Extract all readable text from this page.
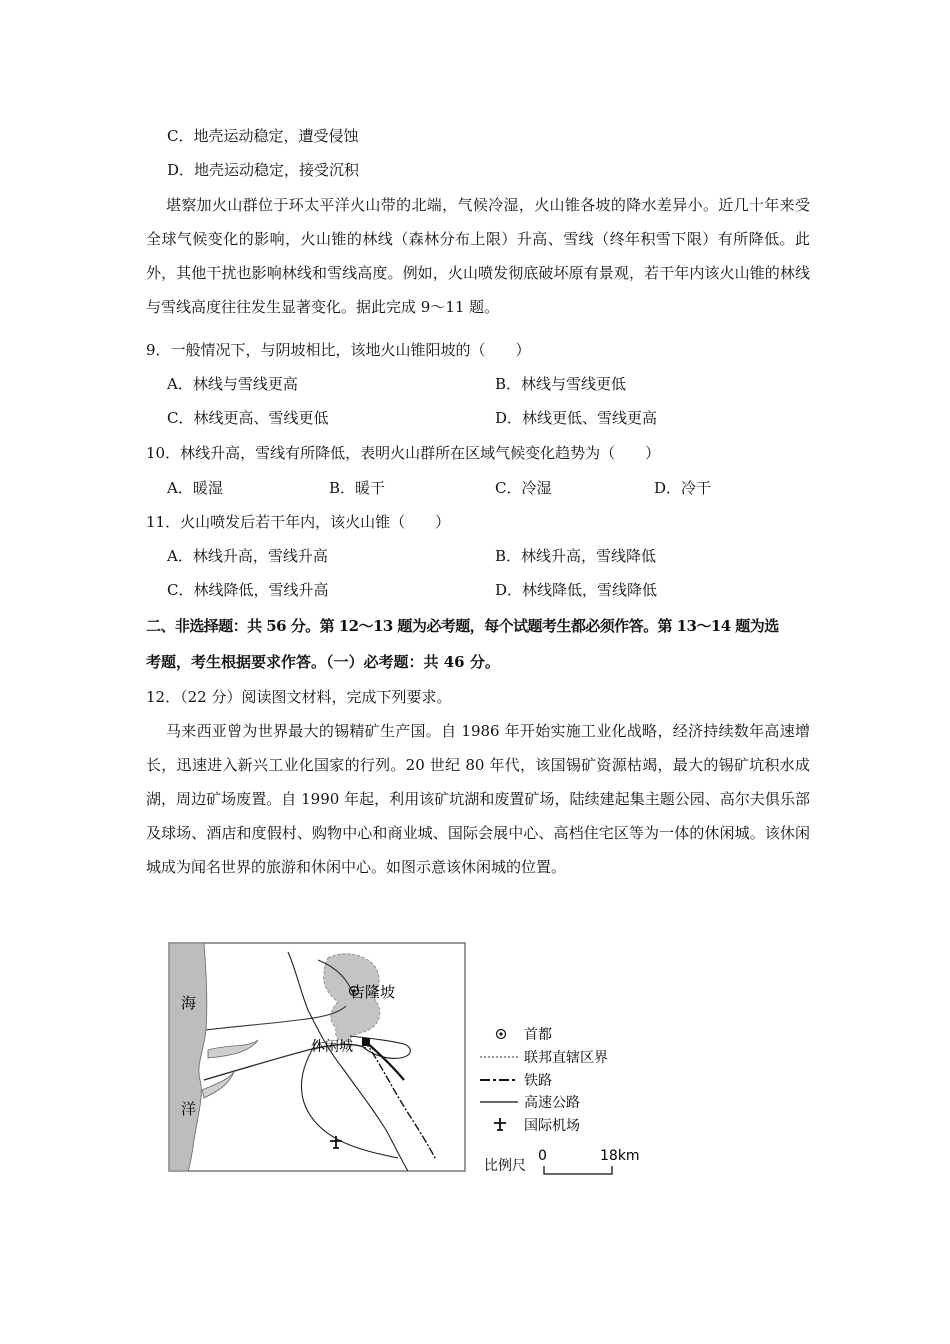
C．地壳运动稳定，遭受侵蚀
D．地壳运动稳定，接受沉积
堪察加火山群位于环太平洋火山带的北端，气候冷湿，火山锥各坡的降水差异小。近几十年来受全球气候变化的影响，火山锥的林线（森林分布上限）升高、雪线（终年积雪下限）有所降低。此外，其他干扰也影响林线和雪线高度。例如，火山喷发彻底破坏原有景观，若干年内该火山锥的林线与雪线高度往往发生显著变化。据此完成 9～11 题。
9．一般情况下，与阴坡相比，该地火山锥阳坡的（　　）
A．林线与雪线更高	B．林线与雪线更低
C．林线更高、雪线更低	D．林线更低、雪线更高
10．林线升高，雪线有所降低，表明火山群所在区域气候变化趋势为（　　）
A．暖湿	B．暖干	C．冷湿	D．冷干
11．火山喷发后若干年内，该火山锥（　　）
A．林线升高，雪线升高	B．林线升高，雪线降低
C．林线降低，雪线升高	D．林线降低，雪线降低
二、非选择题：共 56 分。第 12～13 题为必考题，每个试题考生都必须作答。第 13～14 题为选
考题，考生根据要求作答。（一）必考题：共 46 分。
12．（22 分）阅读图文材料，完成下列要求。
马来西亚曾为世界最大的锡精矿生产国。自 1986 年开始实施工业化战略，经济持续数年高速增长，迅速进入新兴工业化国家的行列。20 世纪 80 年代，该国锡矿资源枯竭，最大的锡矿坑积水成湖，周边矿场废置。自 1990 年起，利用该矿坑湖和废置矿场，陆续建起集主题公园、高尔夫俱乐部及球场、酒店和度假村、购物中心和商业城、国际会展中心、高档住宅区等为一体的休闲城。该休闲城成为闻名世界的旅游和休闲中心。如图示意该休闲城的位置。
海
洋
吉隆坡
休闲城
首都
联邦直辖区界
铁路
高速公路
国际机场
比例尺
0	18km
